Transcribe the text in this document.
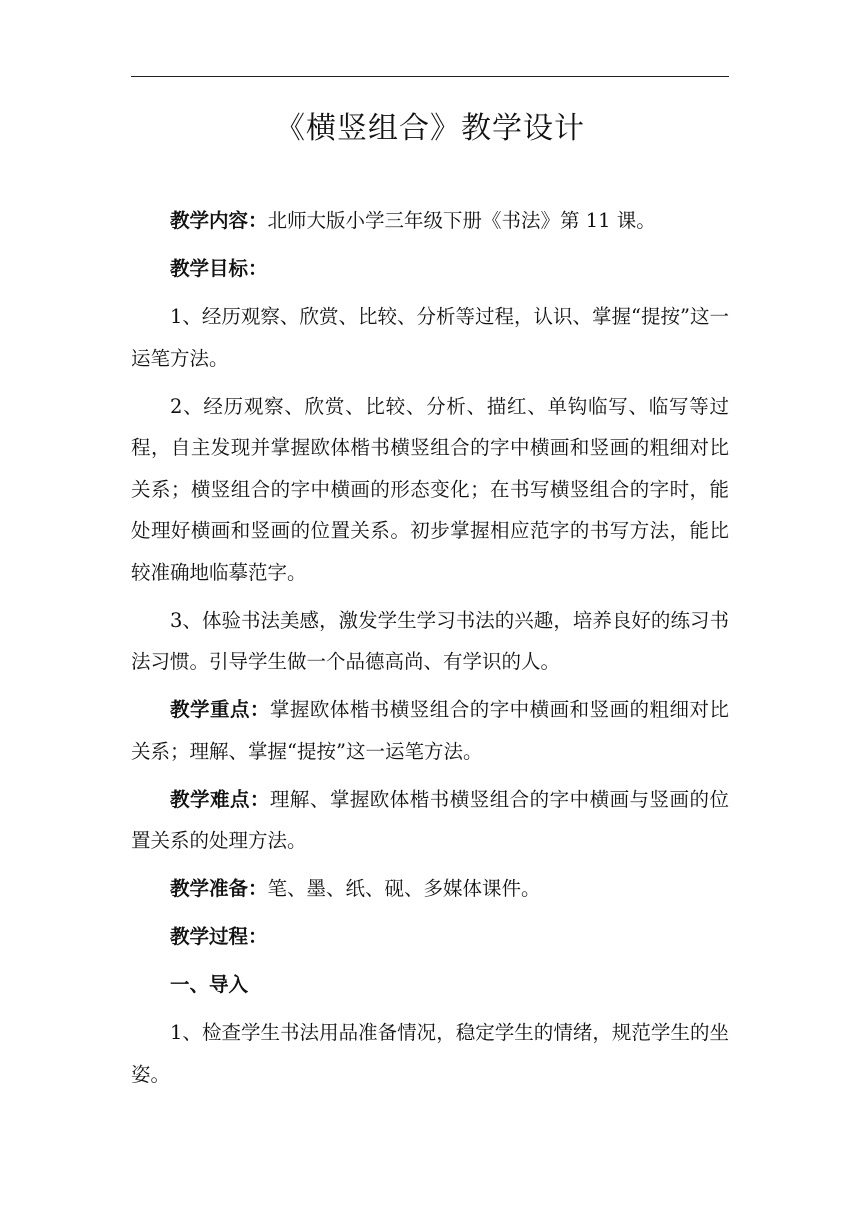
《横竖组合》教学设计

教学内容：北师大版小学三年级下册《书法》第 11 课。

教学目标：

1、经历观察、欣赏、比较、分析等过程，认识、掌握“提按”这一运笔方法。

2、经历观察、欣赏、比较、分析、描红、单钩临写、临写等过程，自主发现并掌握欧体楷书横竖组合的字中横画和竖画的粗细对比关系；横竖组合的字中横画的形态变化；在书写横竖组合的字时，能处理好横画和竖画的位置关系。初步掌握相应范字的书写方法，能比较准确地临摹范字。

3、体验书法美感，激发学生学习书法的兴趣，培养良好的练习书法习惯。引导学生做一个品德高尚、有学识的人。

教学重点：掌握欧体楷书横竖组合的字中横画和竖画的粗细对比关系；理解、掌握“提按”这一运笔方法。

教学难点：理解、掌握欧体楷书横竖组合的字中横画与竖画的位置关系的处理方法。

教学准备：笔、墨、纸、砚、多媒体课件。

教学过程：

一、导入

1、检查学生书法用品准备情况，稳定学生的情绪，规范学生的坐姿。
